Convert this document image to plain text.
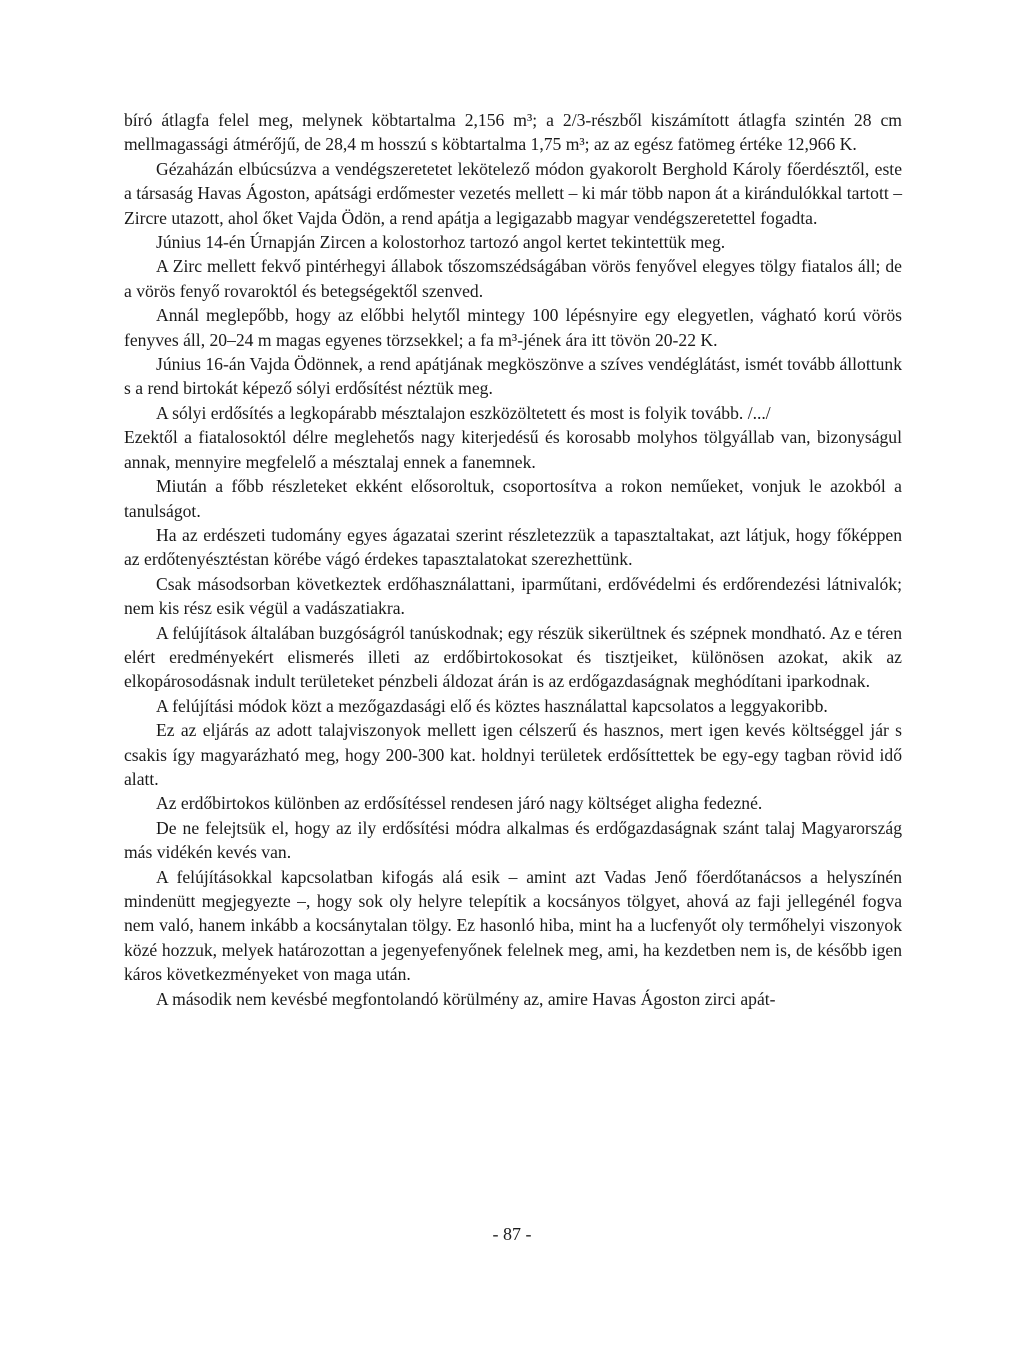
bíró átlagfa felel meg, melynek köbtartalma 2,156 m³; a 2/3-részből kiszámított átlagfa szintén 28 cm mellmagassági átmérőjű, de 28,4 m hosszú s köbtartalma 1,75 m³; az az egész fatömeg értéke 12,966 K.

Gézaházán elbúcsúzva a vendégszeretetet lekötelező módon gyakorolt Berghold Károly főerdésztől, este a társaság Havas Ágoston, apátsági erdőmester vezetés mellett – ki már több napon át a kirándulókkal tartott – Zircre utazott, ahol őket Vajda Ödön, a rend apátja a legigazabb magyar vendégszeretettel fogadta.

Június 14-én Úrnapján Zircen a kolostorhoz tartozó angol kertet tekintettük meg.

A Zirc mellett fekvő pintérhegyi állabok tőszomszédságában vörös fenyővel elegyes tölgy fiatalos áll; de a vörös fenyő rovaroktól és betegségektől szenved.

Annál meglepőbb, hogy az előbbi helytől mintegy 100 lépésnyire egy elegyetlen, vágható korú vörös fenyves áll, 20–24 m magas egyenes törzsekkel; a fa m³-jének ára itt tövön 20-22 K.

Június 16-án Vajda Ödönnek, a rend apátjának megköszönve a szíves vendéglátást, ismét tovább állottunk s a rend birtokát képező sólyi erdősítést néztük meg.

A sólyi erdősítés a legkopárabb mésztalajon eszközöltetett és most is folyik tovább. /.../

Ezektől a fiatalosoktól délre meglehetős nagy kiterjedésű és korosabb molyhos tölgyállab van, bizonyságul annak, mennyire megfelelő a mésztalaj ennek a fanemnek.

Miután a főbb részleteket ekként elősoroltuk, csoportosítva a rokon neműeket, vonjuk le azokból a tanulságot.

Ha az erdészeti tudomány egyes ágazatai szerint részletezzük a tapasztaltakat, azt látjuk, hogy főképpen az erdőtenyésztéstan körébe vágó érdekes tapasztalatokat szerezhettünk.

Csak másodsorban következtek erdőhasználattani, iparműtani, erdővédelmi és erdőrendezési látnivalók; nem kis rész esik végül a vadászatiakra.

A felújítások általában buzgóságról tanúskodnak; egy részük sikerültnek és szépnek mondható. Az e téren elért eredményekért elismerés illeti az erdőbirtokosokat és tisztjeiket, különösen azokat, akik az elkopárosodásnak indult területeket pénzbeli áldozat árán is az erdőgazdaságnak meghódítani iparkodnak.

A felújítási módok közt a mezőgazdasági elő és köztes használattal kapcsolatos a leggyakoribb.

Ez az eljárás az adott talajviszonyok mellett igen célszerű és hasznos, mert igen kevés költséggel jár s csakis így magyarázható meg, hogy 200-300 kat. holdnyi területek erdősíttettek be egy-egy tagban rövid idő alatt.

Az erdőbirtokos különben az erdősítéssel rendesen járó nagy költséget aligha fedezné.

De ne felejtsük el, hogy az ily erdősítési módra alkalmas és erdőgazdaságnak szánt talaj Magyarország más vidékén kevés van.

A felújításokkal kapcsolatban kifogás alá esik – amint azt Vadas Jenő főerdőtanácsos a helyszínén mindenütt megjegyezte –, hogy sok oly helyre telepítik a kocsányos tölgyet, ahová az faji jellegénél fogva nem való, hanem inkább a kocsánytalan tölgy. Ez hasonló hiba, mint ha a lucfenyőt oly termőhelyi viszonyok közé hozzuk, melyek határozottan a jegenyefenyőnek felelnek meg, ami, ha kezdetben nem is, de később igen káros következményeket von maga után.

A második nem kevésbé megfontolandó körülmény az, amire Havas Ágoston zirci apát-

- 87 -
